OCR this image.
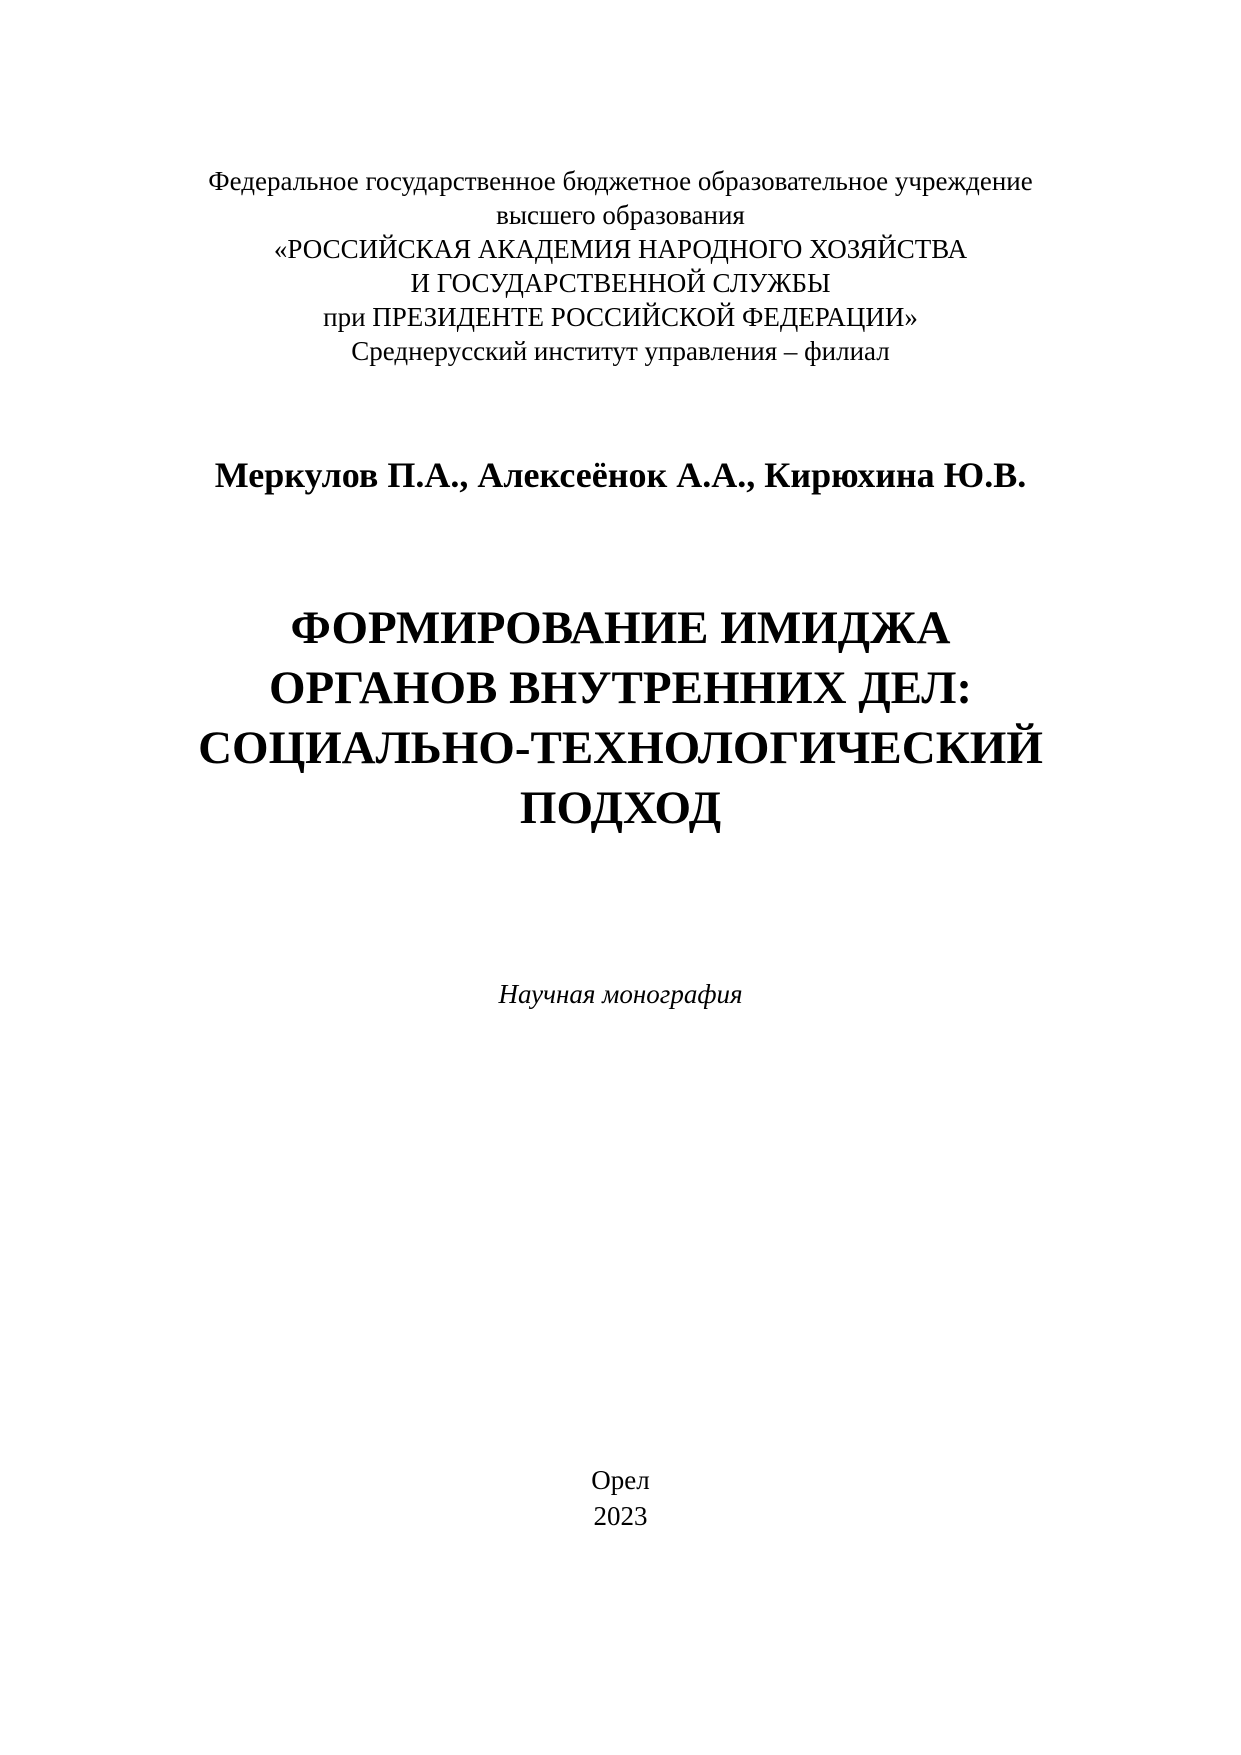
Федеральное государственное бюджетное образовательное учреждение
высшего образования
«РОССИЙСКАЯ АКАДЕМИЯ НАРОДНОГО ХОЗЯЙСТВА
И ГОСУДАРСТВЕННОЙ СЛУЖБЫ
при ПРЕЗИДЕНТЕ РОССИЙСКОЙ ФЕДЕРАЦИИ»
Среднерусский институт управления – филиал
Меркулов П.А., Алексеёнок А.А., Кирюхина Ю.В.
ФОРМИРОВАНИЕ ИМИДЖА
ОРГАНОВ ВНУТРЕННИХ ДЕЛ:
СОЦИАЛЬНО-ТЕХНОЛОГИЧЕСКИЙ
ПОДХОД
Научная монография
Орел
2023
